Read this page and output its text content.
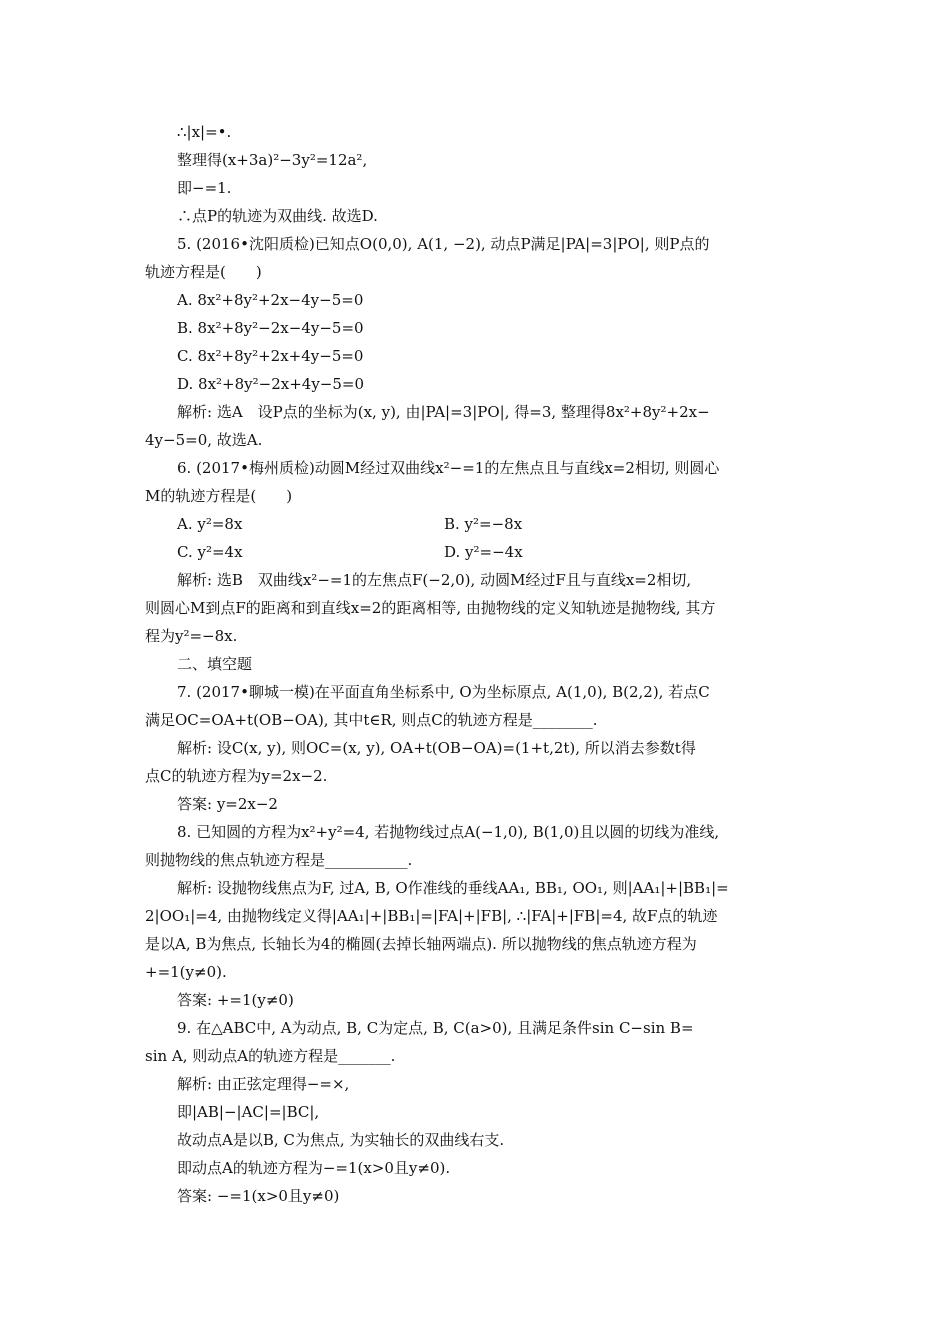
∴|x|=•.
整理得(x+3a)²−3y²=12a²,
即−=1.
∴点P的轨迹为双曲线. 故选D.
5. (2016•沈阳质检)已知点O(0,0), A(1, −2), 动点P满足|PA|=3|PO|, 则P点的
轨迹方程是(　　)
A. 8x²+8y²+2x−4y−5=0
B. 8x²+8y²−2x−4y−5=0
C. 8x²+8y²+2x+4y−5=0
D. 8x²+8y²−2x+4y−5=0
解析: 选A　设P点的坐标为(x, y), 由|PA|=3|PO|, 得=3, 整理得8x²+8y²+2x−
4y−5=0, 故选A.
6. (2017•梅州质检)动圆M经过双曲线x²−=1的左焦点且与直线x=2相切, 则圆心
M的轨迹方程是(　　)
A. y²=8x	B. y²=−8x
C. y²=4x	D. y²=−4x
解析: 选B　双曲线x²−=1的左焦点F(−2,0), 动圆M经过F且与直线x=2相切,
则圆心M到点F的距离和到直线x=2的距离相等, 由抛物线的定义知轨迹是抛物线, 其方
程为y²=−8x.
二、填空题
7. (2017•聊城一模)在平面直角坐标系中, O为坐标原点, A(1,0), B(2,2), 若点C
满足OC=OA+t(OB−OA), 其中t∈R, 则点C的轨迹方程是________.
解析: 设C(x, y), 则OC=(x, y), OA+t(OB−OA)=(1+t,2t), 所以消去参数t得
点C的轨迹方程为y=2x−2.
答案: y=2x−2
8. 已知圆的方程为x²+y²=4, 若抛物线过点A(−1,0), B(1,0)且以圆的切线为准线,
则抛物线的焦点轨迹方程是___________.
解析: 设抛物线焦点为F, 过A, B, O作准线的垂线AA₁, BB₁, OO₁, 则|AA₁|+|BB₁|=
2|OO₁|=4, 由抛物线定义得|AA₁|+|BB₁|=|FA|+|FB|, ∴|FA|+|FB|=4, 故F点的轨迹
是以A, B为焦点, 长轴长为4的椭圆(去掉长轴两端点). 所以抛物线的焦点轨迹方程为
+=1(y≠0).
答案: +=1(y≠0)
9. 在△ABC中, A为动点, B, C为定点, B, C(a>0), 且满足条件sin C−sin B=
sin A, 则动点A的轨迹方程是_______.
解析: 由正弦定理得−=×,
即|AB|−|AC|=|BC|,
故动点A是以B, C为焦点, 为实轴长的双曲线右支.
即动点A的轨迹方程为−=1(x>0且y≠0).
答案: −=1(x>0且y≠0)
